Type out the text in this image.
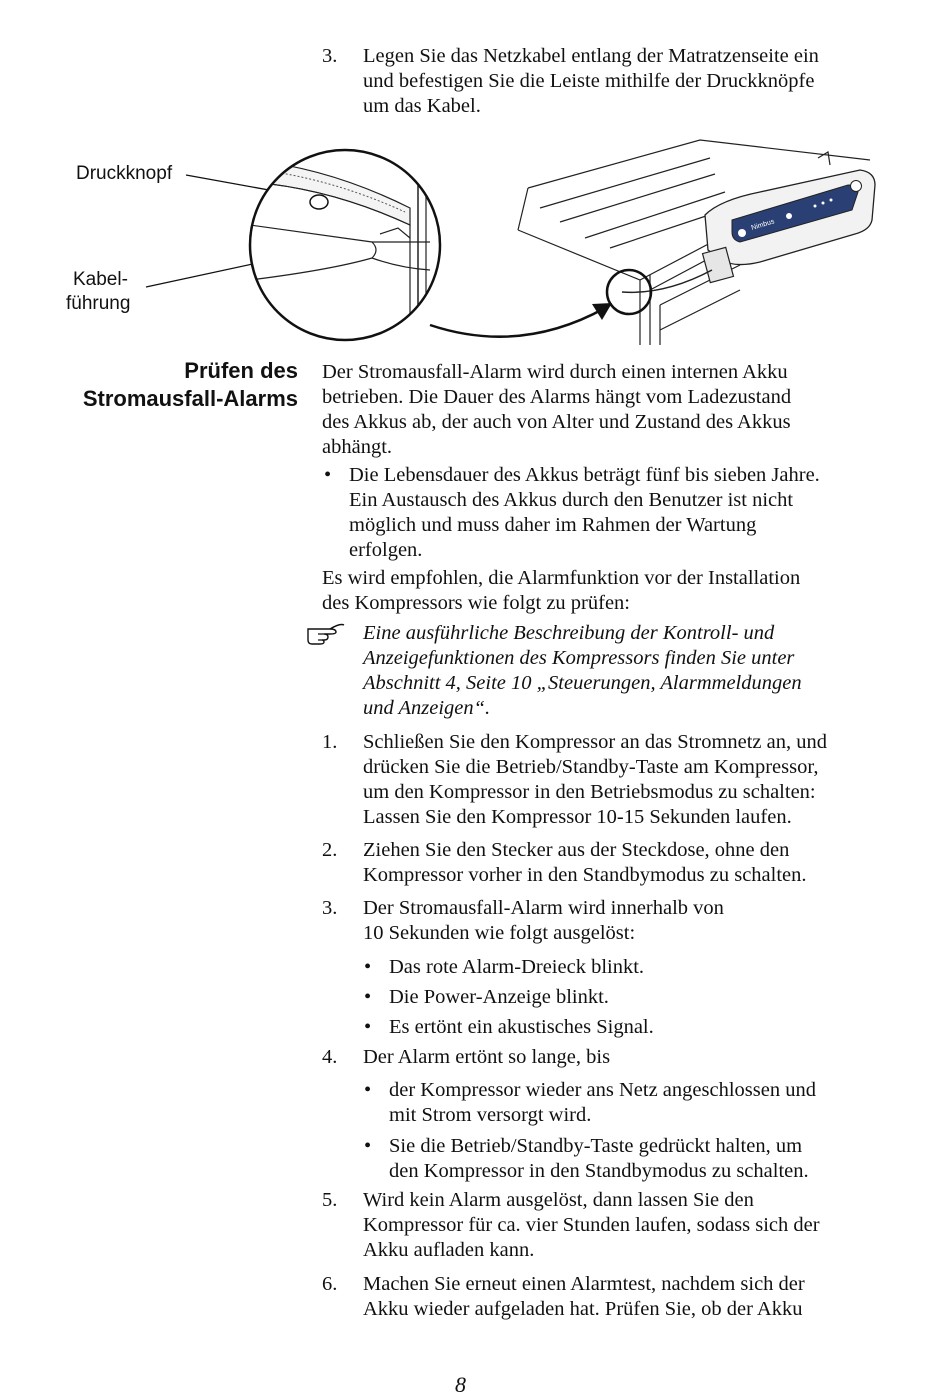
3. Legen Sie das Netzkabel entlang der Matratzenseite ein
und befestigen Sie die Leiste mithilfe der Druckknöpfe
um das Kabel.
Druckknopf
Kabel-
führung
Nimbus
Prüfen des
Stromausfall-Alarms
Der Stromausfall-Alarm wird durch einen internen Akku
betrieben. Die Dauer des Alarms hängt vom Ladezustand
des Akkus ab, der auch von Alter und Zustand des Akkus
abhängt.
• Die Lebensdauer des Akkus beträgt fünf bis sieben Jahre.
Ein Austausch des Akkus durch den Benutzer ist nicht
möglich und muss daher im Rahmen der Wartung
erfolgen.
Es wird empfohlen, die Alarmfunktion vor der Installation
des Kompressors wie folgt zu prüfen:
Eine ausführliche Beschreibung der Kontroll- und
Anzeigefunktionen des Kompressors finden Sie unter
Abschnitt 4, Seite 10 „Steuerungen, Alarmmeldungen
und Anzeigen“.
1. Schließen Sie den Kompressor an das Stromnetz an, und
drücken Sie die Betrieb/Standby-Taste am Kompressor,
um den Kompressor in den Betriebsmodus zu schalten:
Lassen Sie den Kompressor 10-15 Sekunden laufen.
2. Ziehen Sie den Stecker aus der Steckdose, ohne den
Kompressor vorher in den Standbymodus zu schalten.
3. Der Stromausfall-Alarm wird innerhalb von
10 Sekunden wie folgt ausgelöst:
• Das rote Alarm-Dreieck blinkt.
• Die Power-Anzeige blinkt.
• Es ertönt ein akustisches Signal.
4. Der Alarm ertönt so lange, bis
• der Kompressor wieder ans Netz angeschlossen und
mit Strom versorgt wird.
• Sie die Betrieb/Standby-Taste gedrückt halten, um
den Kompressor in den Standbymodus zu schalten.
5. Wird kein Alarm ausgelöst, dann lassen Sie den
Kompressor für ca. vier Stunden laufen, sodass sich der
Akku aufladen kann.
6. Machen Sie erneut einen Alarmtest, nachdem sich der
Akku wieder aufgeladen hat. Prüfen Sie, ob der Akku
8
